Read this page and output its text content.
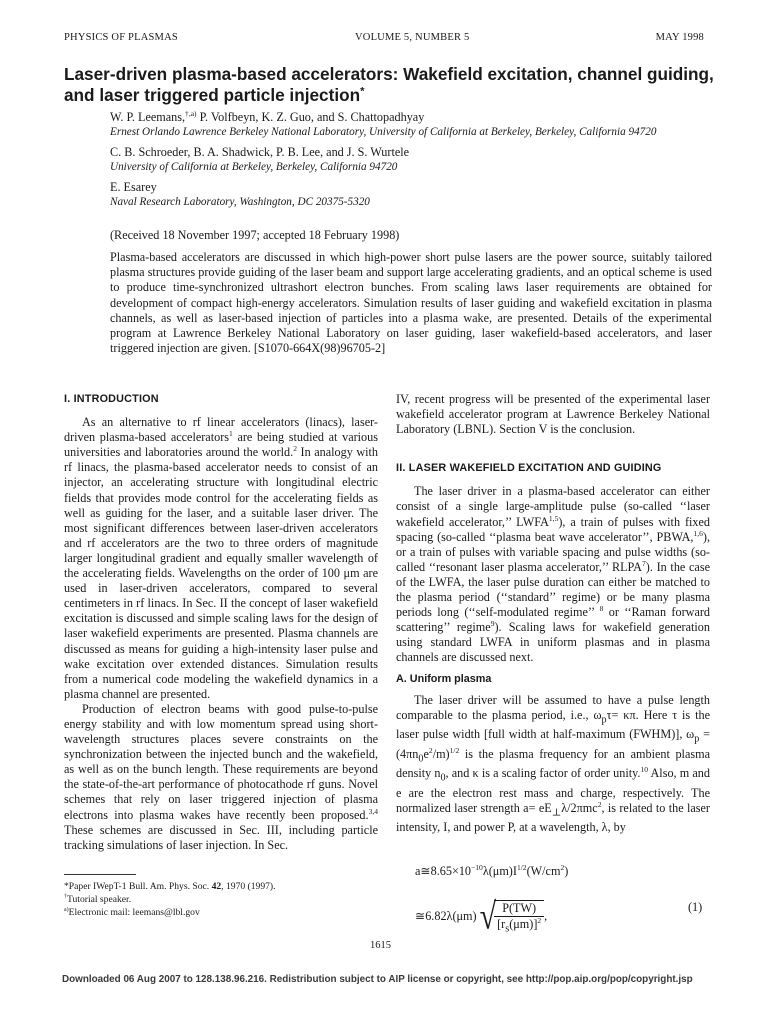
PHYSICS OF PLASMAS	VOLUME 5, NUMBER 5	MAY 1998
Laser-driven plasma-based accelerators: Wakefield excitation, channel guiding, and laser triggered particle injection*
W. P. Leemans,$^{\dagger,a)}$ P. Volfbeyn, K. Z. Guo, and S. Chattopadhyay
Ernest Orlando Lawrence Berkeley National Laboratory, University of California at Berkeley, Berkeley, California 94720
C. B. Schroeder, B. A. Shadwick, P. B. Lee, and J. S. Wurtele
University of California at Berkeley, Berkeley, California 94720
E. Esarey
Naval Research Laboratory, Washington, DC 20375-5320
(Received 18 November 1997; accepted 18 February 1998)

Plasma-based accelerators are discussed in which high-power short pulse lasers are the power source, suitably tailored plasma structures provide guiding of the laser beam and support large accelerating gradients, and an optical scheme is used to produce time-synchronized ultrashort electron bunches. From scaling laws laser requirements are obtained for development of compact high-energy accelerators. Simulation results of laser guiding and wakefield excitation in plasma channels, as well as laser-based injection of particles into a plasma wake, are presented. Details of the experimental program at Lawrence Berkeley National Laboratory on laser guiding, laser wakefield-based accelerators, and laser triggered injection are given. [S1070-664X(98)96705-2]

I. INTRODUCTION

As an alternative to rf linear accelerators (linacs), laser-driven plasma-based accelerators$^1$ are being studied at various universities and laboratories around the world.$^2$ In analogy with rf linacs, the plasma-based accelerator needs to consist of an injector, an accelerating structure with longitudinal electric fields that provides mode control for the accelerating fields as well as guiding for the laser, and a suitable laser driver. The most significant differences between laser-driven accelerators and rf accelerators are the two to three orders of magnitude larger longitudinal gradient and equally smaller wavelength of the accelerating fields. Wavelengths on the order of 100 μm are used in laser-driven accelerators, compared to several centimeters in rf linacs. In Sec. II the concept of laser wakefield excitation is discussed and simple scaling laws for the design of laser wakefield experiments are presented. Plasma channels are discussed as means for guiding a high-intensity laser pulse and wake excitation over extended distances. Simulation results from a numerical code modeling the wakefield dynamics in a plasma channel are presented.

Production of electron beams with good pulse-to-pulse energy stability and with low momentum spread using short-wavelength structures places severe constraints on the synchronization between the injected bunch and the wakefield, as well as on the bunch length. These requirements are beyond the state-of-the-art performance of photocathode rf guns. Novel schemes that rely on laser triggered injection of plasma electrons into plasma wakes have recently been proposed.$^{3,4}$ These schemes are discussed in Sec. III, including particle tracking simulations of laser injection. In Sec.

IV, recent progress will be presented of the experimental laser wakefield accelerator program at Lawrence Berkeley National Laboratory (LBNL). Section V is the conclusion.

II. LASER WAKEFIELD EXCITATION AND GUIDING

The laser driver in a plasma-based accelerator can either consist of a single large-amplitude pulse (so-called ‘‘laser wakefield accelerator,’’ LWFA$^{1,5}$), a train of pulses with fixed spacing (so-called ‘‘plasma beat wave accelerator’’, PBWA,$^{1,6}$), or a train of pulses with variable spacing and pulse widths (so-called ‘‘resonant laser plasma accelerator,’’ RLPA$^7$). In the case of the LWFA, the laser pulse duration can either be matched to the plasma period (‘‘standard’’ regime) or be many plasma periods long (‘‘self-modulated regime’’ $^8$ or ‘‘Raman forward scattering’’ regime$^9$). Scaling laws for wakefield generation using standard LWFA in uniform plasmas and in plasma channels are discussed next.

A. Uniform plasma

The laser driver will be assumed to have a pulse length comparable to the plasma period, i.e., $\omega_p\tau= \kappa\pi$. Here τ is the laser pulse width [full width at half-maximum (FWHM)], $\omega_p =(4\pi n_0e^2/m)^{1/2}$ is the plasma frequency for an ambient plasma density $n_0$, and κ is a scaling factor of order unity.$^{10}$ Also, m and e are the electron rest mass and charge, respectively. The normalized laser strength $a= eE_\perp\lambda/2\pi mc^2$, is related to the laser intensity, I, and power P, at a wavelength, λ, by

$a≅8.65\times 10^{-10}\lambda(\mu m)I^{1/2}(W/cm^2)$
≅6.82λ(μm) √
$\frac{P(TW)}{[r_s(\mu m)]^2}$ ,
(1)
*Paper IWepT-1 Bull. Am. Phys. Soc. 42, 1970 (1997).
†Tutorial speaker.
$^{a)}$Electronic mail: leemans@lbl.gov
1615
Downloaded 06 Aug 2007 to 128.138.96.216. Redistribution subject to AIP license or copyright, see http://pop.aip.org/pop/copyright.jsp
